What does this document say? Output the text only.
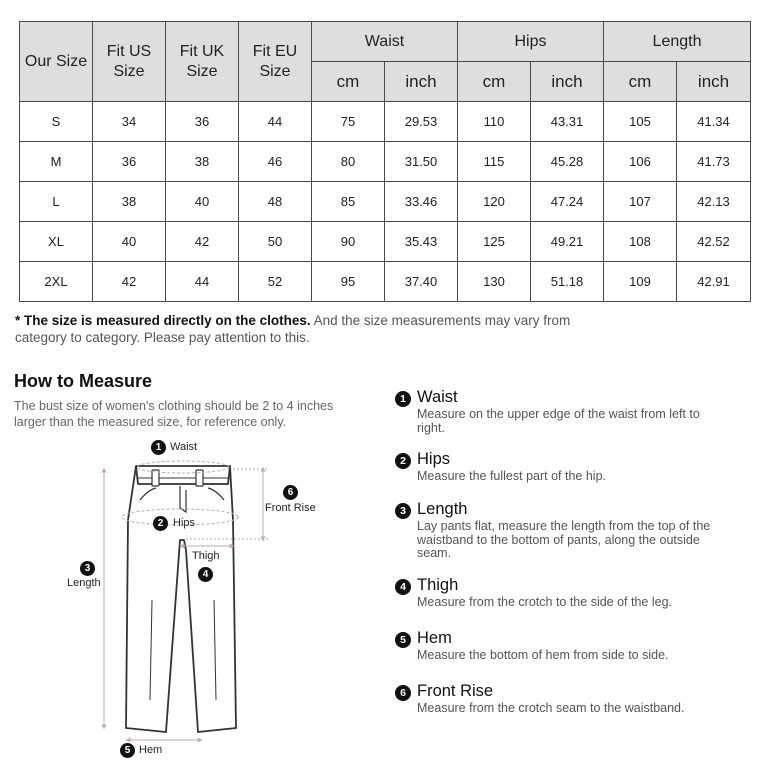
Our Size	Fit US Size	Fit UK Size	Fit EU Size	Waist		Hips		Length	
				cm	inch	cm	inch	cm	inch
S	34	36	44	75	29.53	110	43.31	105	41.34
M	36	38	46	80	31.50	115	45.28	106	41.73
L	38	40	48	85	33.46	120	47.24	107	42.13
XL	40	42	50	90	35.43	125	49.21	108	42.52
2XL	42	44	52	95	37.40	130	51.18	109	42.91
* The size is measured directly on the clothes. And the size measurements may vary from category to category. Please pay attention to this.
How to Measure
The bust size of women's clothing should be 2 to 4 inches larger than the measured size, for reference only.
1 Waist
2 Hips
Thigh
4
3
Length
6
Front Rise
5 Hem
1 Waist
Measure on the upper edge of the waist from left to right.
2 Hips
Measure the fullest part of the hip.
3 Length
Lay pants flat, measure the length from the top of the waistband to the bottom of pants, along the outside seam.
4 Thigh
Measure from the crotch to the side of the leg.
5 Hem
Measure the bottom of hem from side to side.
6 Front Rise
Measure from the crotch seam to the waistband.
